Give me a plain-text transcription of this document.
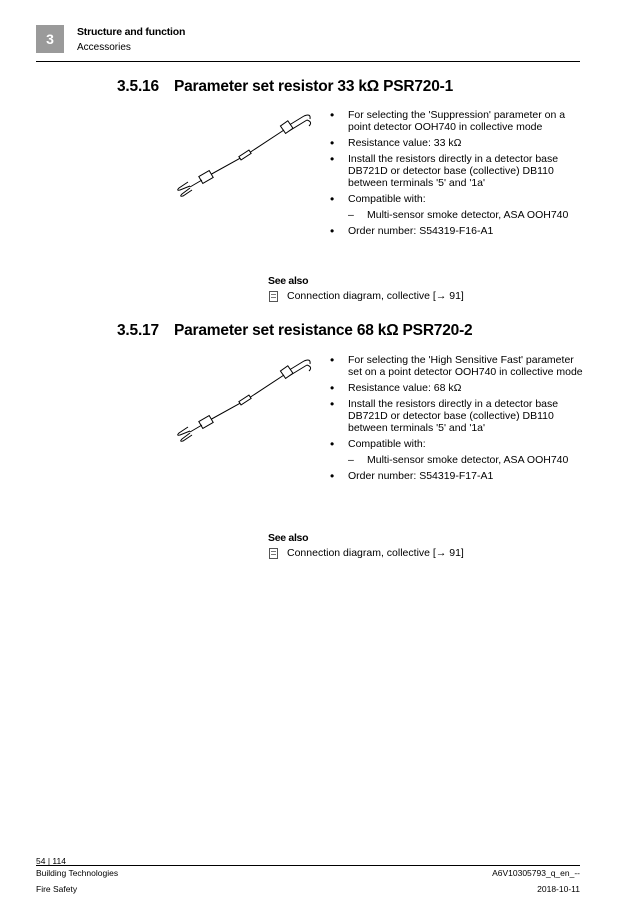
3	Structure and function
Accessories
3.5.16 Parameter set resistor 33 kΩ PSR720-1
• For selecting the 'Suppression' parameter on a point detector OOH740 in collective mode
• Resistance value: 33 kΩ
• Install the resistors directly in a detector base DB721D or detector base (collective) DB110 between terminals '5' and '1a'
• Compatible with:
– Multi-sensor smoke detector, ASA OOH740
• Order number: S54319-F16-A1
See also
Connection diagram, collective [→ 91]
3.5.17 Parameter set resistance 68 kΩ PSR720-2
• For selecting the 'High Sensitive Fast' parameter set on a point detector OOH740 in collective mode
• Resistance value: 68 kΩ
• Install the resistors directly in a detector base DB721D or detector base (collective) DB110 between terminals '5' and '1a'
• Compatible with:
– Multi-sensor smoke detector, ASA OOH740
• Order number: S54319-F17-A1
See also
Connection diagram, collective [→ 91]
54 | 114
Building Technologies
Fire Safety
A6V10305793_q_en_--
2018-10-11
